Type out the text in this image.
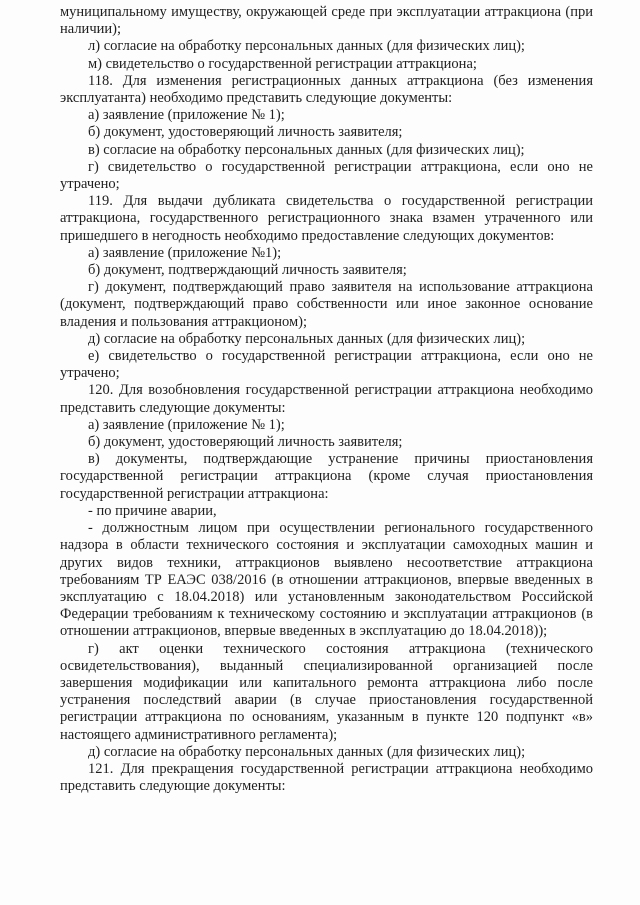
муниципальному имуществу, окружающей среде при эксплуатации аттракциона (при наличии);

л) согласие на обработку персональных данных (для физических лиц);

м) свидетельство о государственной регистрации аттракциона;

118. Для изменения регистрационных данных аттракциона (без изменения эксплуатанта) необходимо представить следующие документы:

а) заявление (приложение № 1);

б) документ, удостоверяющий личность заявителя;

в) согласие на обработку персональных данных (для физических лиц);

г) свидетельство о государственной регистрации аттракциона, если оно не утрачено;

119. Для выдачи дубликата свидетельства о государственной регистрации аттракциона, государственного регистрационного знака взамен утраченного или пришедшего в негодность необходимо предоставление следующих документов:

а) заявление (приложение №1);

б) документ, подтверждающий личность заявителя;

г) документ, подтверждающий право заявителя на использование аттракциона (документ, подтверждающий право собственности или иное законное основание владения и пользования аттракционом);

д) согласие на обработку персональных данных (для физических лиц);

е) свидетельство о государственной регистрации аттракциона, если оно не утрачено;

120. Для возобновления государственной регистрации аттракциона необходимо представить следующие документы:

а) заявление (приложение № 1);

б) документ, удостоверяющий личность заявителя;

в) документы, подтверждающие устранение причины приостановления государственной регистрации аттракциона (кроме случая приостановления государственной регистрации аттракциона:

- по причине аварии,

- должностным лицом при осуществлении регионального государственного надзора в области технического состояния и эксплуатации самоходных машин и других видов техники, аттракционов выявлено несоответствие аттракциона требованиям ТР ЕАЭС 038/2016 (в отношении аттракционов, впервые введенных в эксплуатацию с 18.04.2018) или установленным законодательством Российской Федерации требованиям к техническому состоянию и эксплуатации аттракционов (в отношении аттракционов, впервые введенных в эксплуатацию до 18.04.2018));

г) акт оценки технического состояния аттракциона (технического освидетельствования), выданный специализированной организацией после завершения модификации или капитального ремонта аттракциона либо после устранения последствий аварии (в случае приостановления государственной регистрации аттракциона по основаниям, указанным в пункте 120 подпункт «в» настоящего административного регламента);

д) согласие на обработку персональных данных (для физических лиц);

121. Для прекращения государственной регистрации аттракциона необходимо представить следующие документы:
